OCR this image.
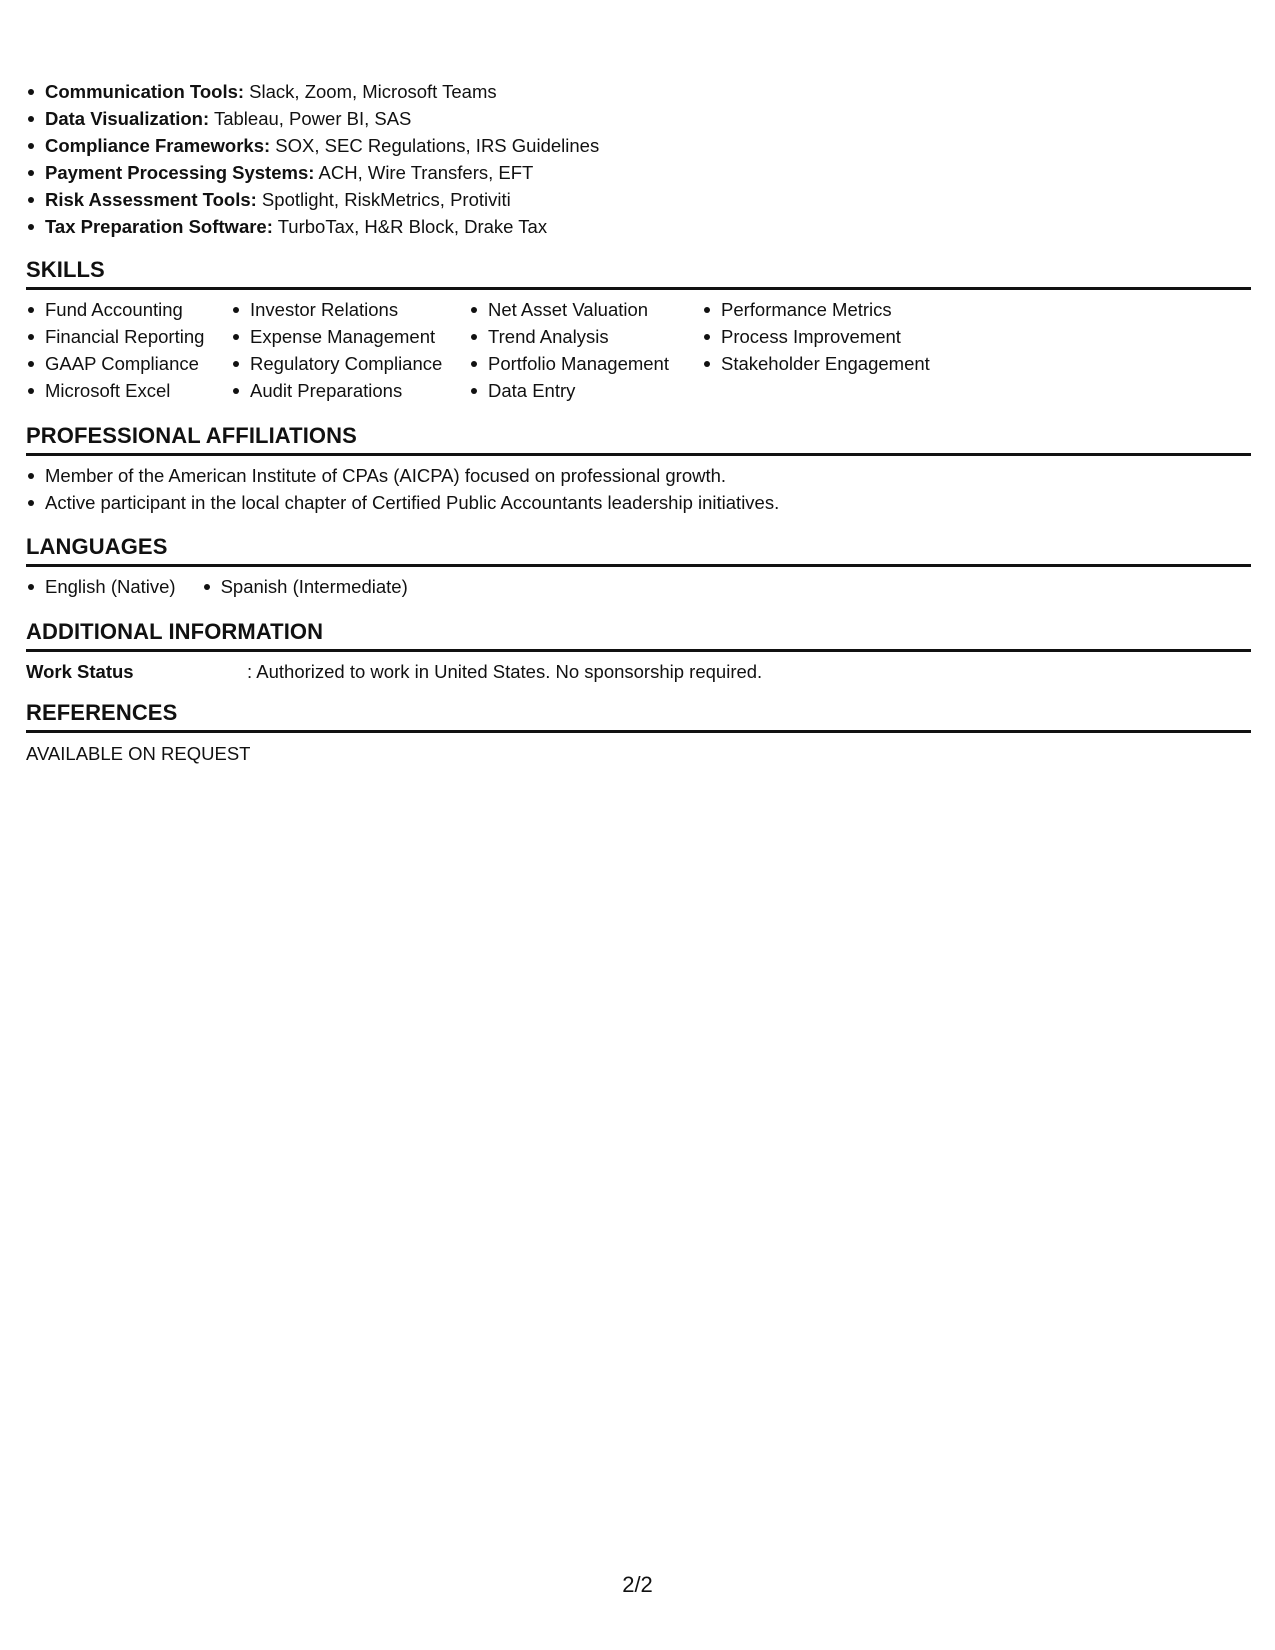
Communication Tools: Slack, Zoom, Microsoft Teams
Data Visualization: Tableau, Power BI, SAS
Compliance Frameworks: SOX, SEC Regulations, IRS Guidelines
Payment Processing Systems: ACH, Wire Transfers, EFT
Risk Assessment Tools: Spotlight, RiskMetrics, Protiviti
Tax Preparation Software: TurboTax, H&R Block, Drake Tax
SKILLS
Fund Accounting
Financial Reporting
GAAP Compliance
Microsoft Excel
Investor Relations
Expense Management
Regulatory Compliance
Audit Preparations
Net Asset Valuation
Trend Analysis
Portfolio Management
Data Entry
Performance Metrics
Process Improvement
Stakeholder Engagement
PROFESSIONAL AFFILIATIONS
Member of the American Institute of CPAs (AICPA) focused on professional growth.
Active participant in the local chapter of Certified Public Accountants leadership initiatives.
LANGUAGES
English (Native)	Spanish (Intermediate)
ADDITIONAL INFORMATION
Work Status	: Authorized to work in United States. No sponsorship required.
REFERENCES
AVAILABLE ON REQUEST
2/2
